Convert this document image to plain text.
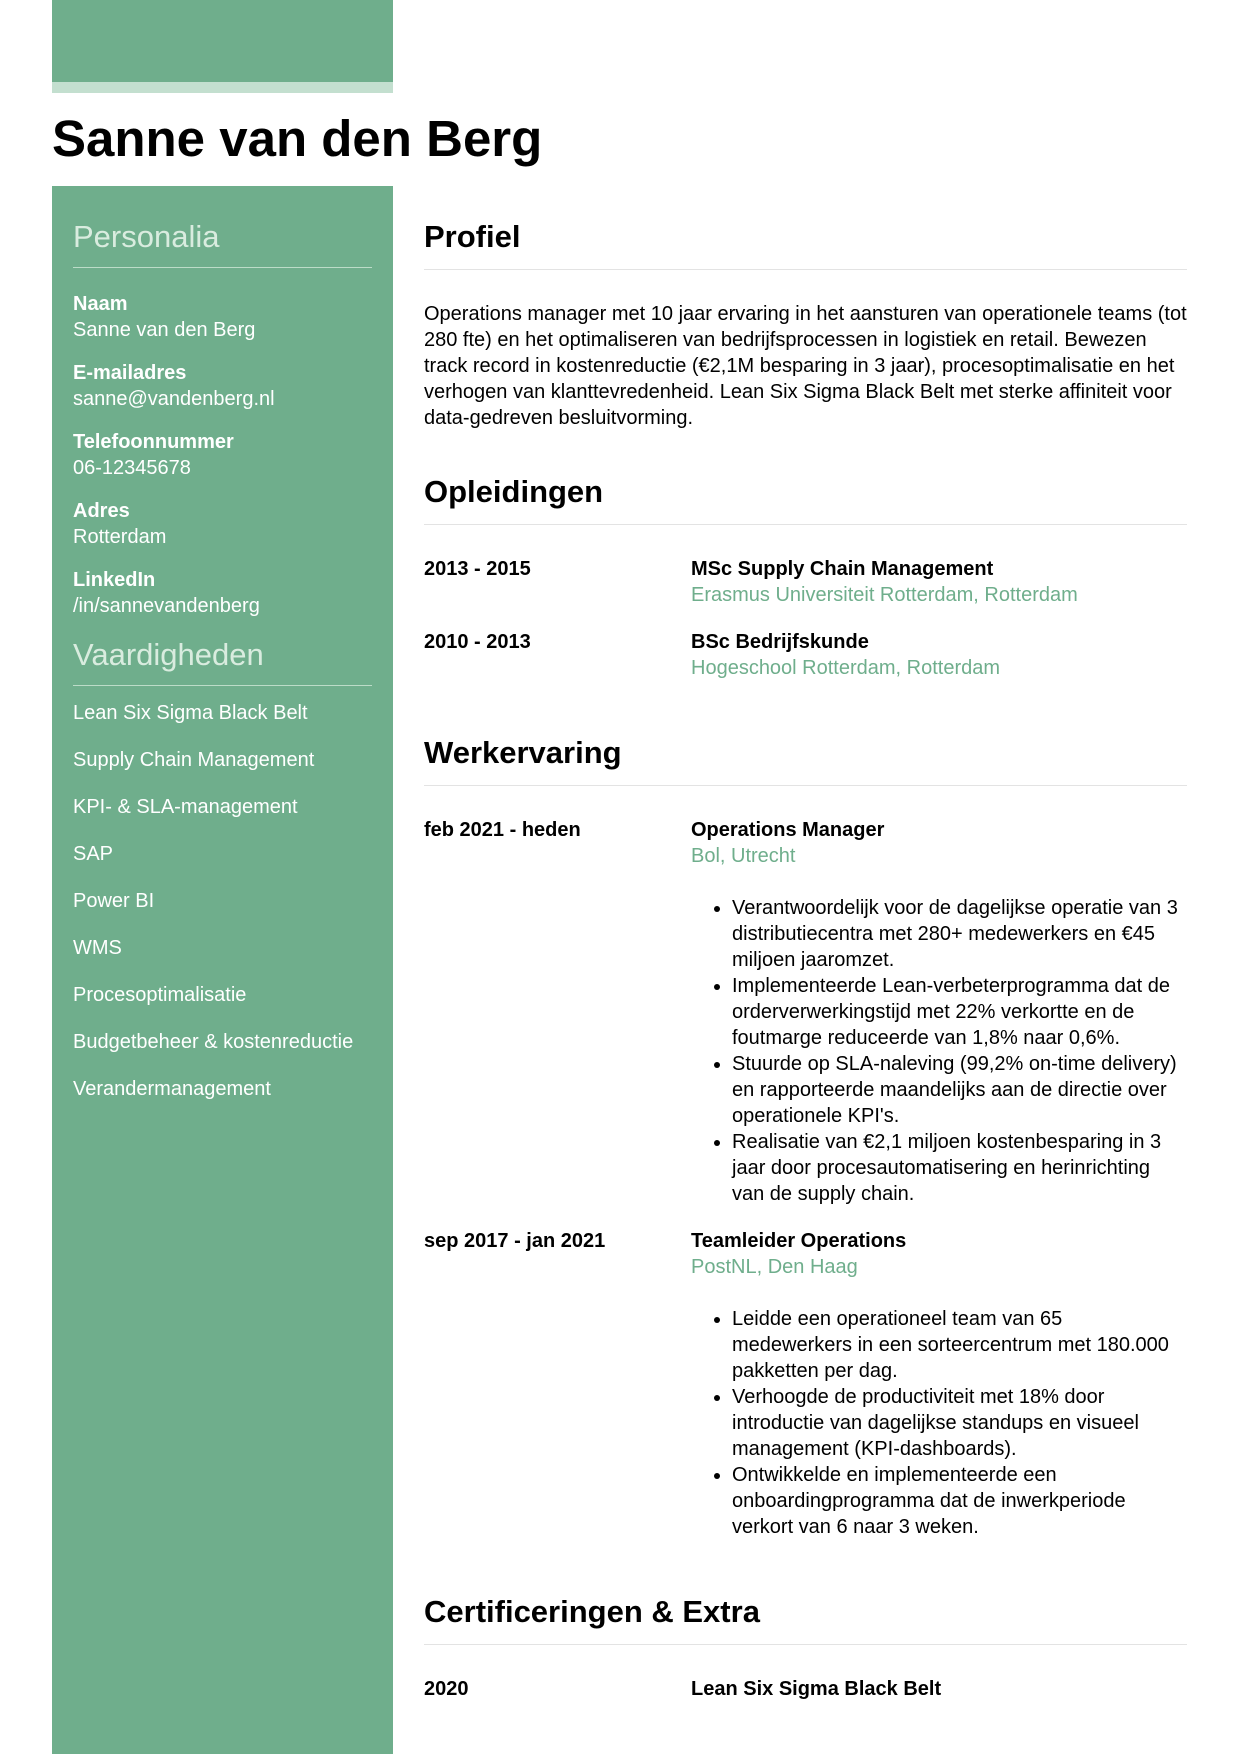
Sanne van den Berg
Personalia
Naam
Sanne van den Berg
E-mailadres
sanne@vandenberg.nl
Telefoonnummer
06-12345678
Adres
Rotterdam
LinkedIn
/in/sannevandenberg
Vaardigheden
Lean Six Sigma Black Belt
Supply Chain Management
KPI- & SLA-management
SAP
Power BI
WMS
Procesoptimalisatie
Budgetbeheer & kostenreductie
Verandermanagement
Profiel

Operations manager met 10 jaar ervaring in het aansturen van operationele teams (tot 280 fte) en het optimaliseren van bedrijfsprocessen in logistiek en retail. Bewezen track record in kostenreductie (€2,1M besparing in 3 jaar), procesoptimalisatie en het verhogen van klanttevredenheid. Lean Six Sigma Black Belt met sterke affiniteit voor data-gedreven besluitvorming.

Opleidingen
2013 - 2015	MSc Supply Chain Management
Erasmus Universiteit Rotterdam, Rotterdam
2010 - 2013	BSc Bedrijfskunde
Hogeschool Rotterdam, Rotterdam
Werkervaring
feb 2021 - heden	Operations Manager
Bol, Utrecht
• Verantwoordelijk voor de dagelijkse operatie van 3 distributiecentra met 280+ medewerkers en €45 miljoen jaaromzet.
• Implementeerde Lean-verbeterprogramma dat de orderverwerkingstijd met 22% verkortte en de foutmarge reduceerde van 1,8% naar 0,6%.
• Stuurde op SLA-naleving (99,2% on-time delivery) en rapporteerde maandelijks aan de directie over operationele KPI's.
• Realisatie van €2,1 miljoen kostenbesparing in 3 jaar door procesautomatisering en herinrichting van de supply chain.
sep 2017 - jan 2021	Teamleider Operations
PostNL, Den Haag
• Leidde een operationeel team van 65 medewerkers in een sorteercentrum met 180.000 pakketten per dag.
• Verhoogde de productiviteit met 18% door introductie van dagelijkse standups en visueel management (KPI-dashboards).
• Ontwikkelde en implementeerde een onboardingprogramma dat de inwerkperiode verkort van 6 naar 3 weken.
Certificeringen & Extra
2020	Lean Six Sigma Black Belt
